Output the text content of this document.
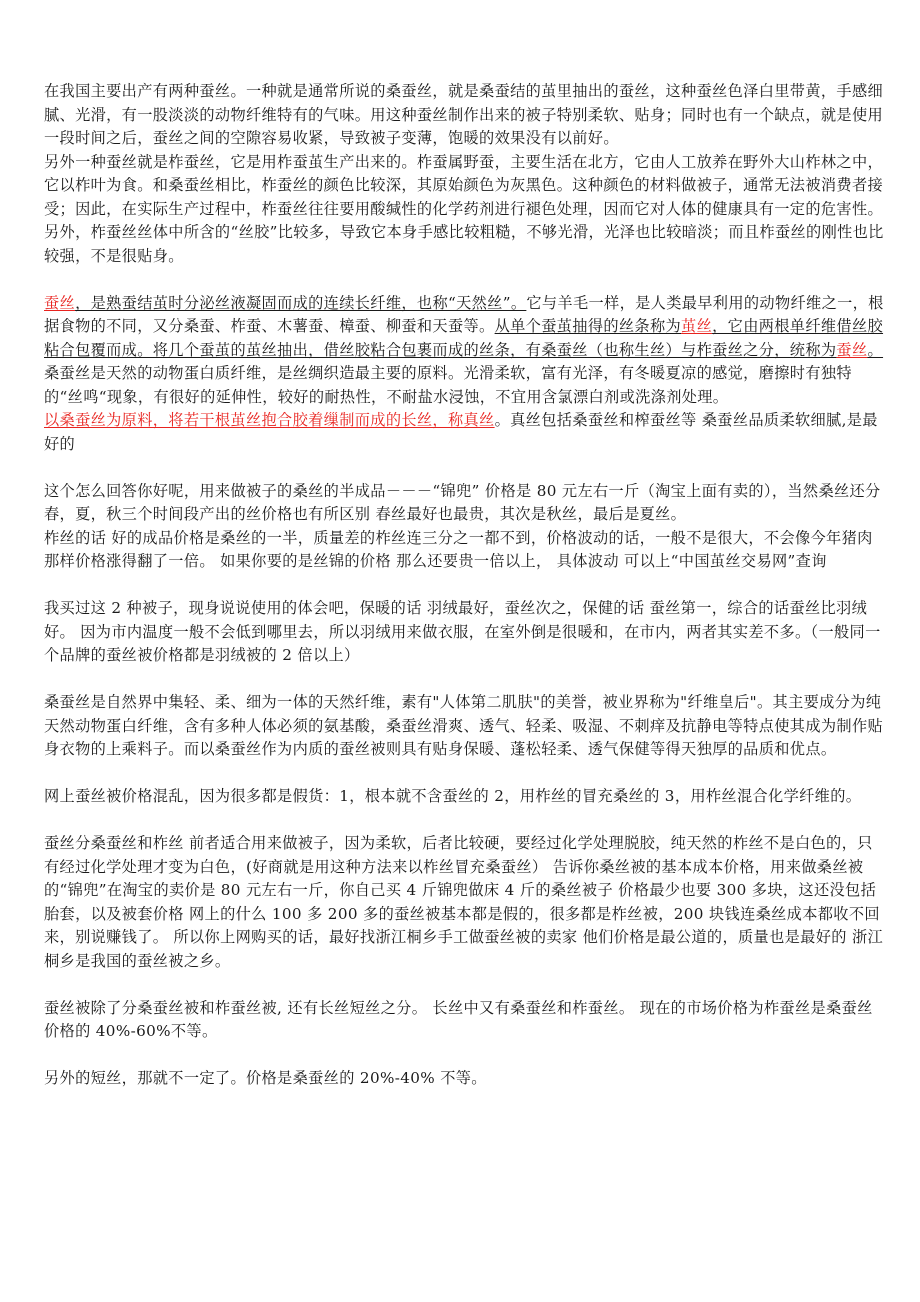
在我国主要出产有两种蚕丝。一种就是通常所说的桑蚕丝，就是桑蚕结的茧里抽出的蚕丝，这种蚕丝色泽白里带黄，手感细腻、光滑，有一股淡淡的动物纤维特有的气味。用这种蚕丝制作出来的被子特别柔软、贴身；同时也有一个缺点，就是使用一段时间之后，蚕丝之间的空隙容易收紧，导致被子变薄，饱暖的效果没有以前好。

另外一种蚕丝就是柞蚕丝，它是用柞蚕茧生产出来的。柞蚕属野蚕，主要生活在北方，它由人工放养在野外大山柞林之中，它以柞叶为食。和桑蚕丝相比，柞蚕丝的颜色比较深，其原始颜色为灰黑色。这种颜色的材料做被子，通常无法被消费者接受；因此，在实际生产过程中，柞蚕丝往往要用酸缄性的化学药剂进行褪色处理，因而它对人体的健康具有一定的危害性。另外，柞蚕丝丝体中所含的“丝胶”比较多，导致它本身手感比较粗糙，不够光滑，光泽也比较暗淡；而且柞蚕丝的刚性也比较强，不是很贴身。

蚕丝，是熟蚕结茧时分泌丝液凝固而成的连续长纤维，也称“天然丝”。它与羊毛一样，是人类最早利用的动物纤维之一，根据食物的不同，又分桑蚕、柞蚕、木薯蚕、樟蚕、柳蚕和天蚕等。从单个蚕茧抽得的丝条称为茧丝，它由两根单纤维借丝胶粘合包覆而成。将几个蚕茧的茧丝抽出，借丝胶粘合包裹而成的丝条，有桑蚕丝（也称生丝）与柞蚕丝之分，统称为蚕丝。

桑蚕丝是天然的动物蛋白质纤维，是丝绸织造最主要的原料。光滑柔软，富有光泽，有冬暖夏凉的感觉，磨擦时有独特的“丝鸣“现象，有很好的延伸性，较好的耐热性，不耐盐水浸蚀，不宜用含氯漂白剂或洗涤剂处理。

以桑蚕丝为原料，将若干根茧丝抱合胶着缫制而成的长丝，称真丝。真丝包括桑蚕丝和榨蚕丝等 桑蚕丝品质柔软细腻,是最好的

这个怎么回答你好呢，用来做被子的桑丝的半成品－－－“锦兜” 价格是 80 元左右一斤（淘宝上面有卖的），当然桑丝还分春，夏，秋三个时间段产出的丝价格也有所区别 春丝最好也最贵，其次是秋丝，最后是夏丝。

柞丝的话 好的成品价格是桑丝的一半，质量差的柞丝连三分之一都不到，价格波动的话，一般不是很大，不会像今年猪肉那样价格涨得翻了一倍。 如果你要的是丝锦的价格 那么还要贵一倍以上， 具体波动 可以上“中国茧丝交易网”查询

我买过这 2 种被子，现身说说使用的体会吧，保暖的话 羽绒最好，蚕丝次之，保健的话 蚕丝第一，综合的话蚕丝比羽绒好。 因为市内温度一般不会低到哪里去，所以羽绒用来做衣服，在室外倒是很暖和，在市内，两者其实差不多。（一般同一个品牌的蚕丝被价格都是羽绒被的 2 倍以上）

桑蚕丝是自然界中集轻、柔、细为一体的天然纤维，素有"人体第二肌肤"的美誉，被业界称为"纤维皇后"。其主要成分为纯天然动物蛋白纤维，含有多种人体必须的氨基酸，桑蚕丝滑爽、透气、轻柔、吸湿、不刺痒及抗静电等特点使其成为制作贴身衣物的上乘料子。而以桑蚕丝作为内质的蚕丝被则具有贴身保暖、蓬松轻柔、透气保健等得天独厚的品质和优点。

网上蚕丝被价格混乱，因为很多都是假货：1，根本就不含蚕丝的 2，用柞丝的冒充桑丝的 3，用柞丝混合化学纤维的。

蚕丝分桑蚕丝和柞丝 前者适合用来做被子，因为柔软，后者比较硬，要经过化学处理脱胶，纯天然的柞丝不是白色的，只有经过化学处理才变为白色，(好商就是用这种方法来以柞丝冒充桑蚕丝） 告诉你桑丝被的基本成本价格，用来做桑丝被的“锦兜”在淘宝的卖价是 80 元左右一斤，你自己买 4 斤锦兜做床 4 斤的桑丝被子 价格最少也要 300 多块，这还没包括胎套，以及被套价格 网上的什么 100 多 200 多的蚕丝被基本都是假的，很多都是柞丝被，200 块钱连桑丝成本都收不回来，别说赚钱了。 所以你上网购买的话，最好找浙江桐乡手工做蚕丝被的卖家 他们价格是最公道的，质量也是最好的 浙江桐乡是我国的蚕丝被之乡。

蚕丝被除了分桑蚕丝被和柞蚕丝被, 还有长丝短丝之分。 长丝中又有桑蚕丝和柞蚕丝。 现在的市场价格为柞蚕丝是桑蚕丝价格的 40%-60%不等。

另外的短丝，那就不一定了。价格是桑蚕丝的 20%-40% 不等。
